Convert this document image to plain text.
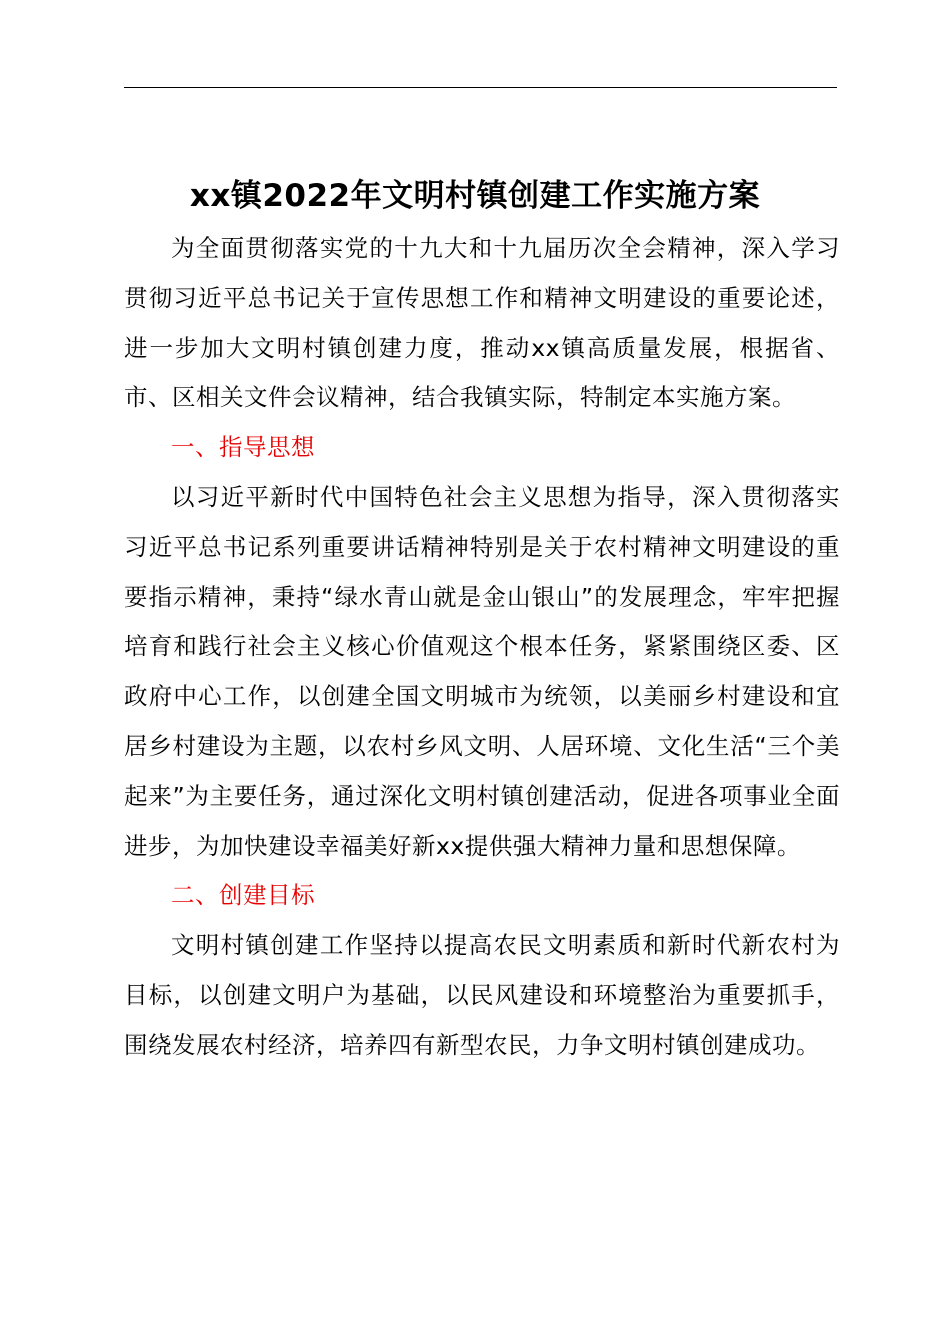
xx镇2022年文明村镇创建工作实施方案

为全面贯彻落实党的十九大和十九届历次全会精神，深入学习贯彻习近平总书记关于宣传思想工作和精神文明建设的重要论述，进一步加大文明村镇创建力度，推动xx镇高质量发展，根据省、市、区相关文件会议精神，结合我镇实际，特制定本实施方案。

一、指导思想

以习近平新时代中国特色社会主义思想为指导，深入贯彻落实习近平总书记系列重要讲话精神特别是关于农村精神文明建设的重要指示精神，秉持“绿水青山就是金山银山”的发展理念，牢牢把握培育和践行社会主义核心价值观这个根本任务，紧紧围绕区委、区政府中心工作，以创建全国文明城市为统领，以美丽乡村建设和宜居乡村建设为主题，以农村乡风文明、人居环境、文化生活“三个美起来”为主要任务，通过深化文明村镇创建活动，促进各项事业全面进步，为加快建设幸福美好新xx提供强大精神力量和思想保障。

二、创建目标

文明村镇创建工作坚持以提高农民文明素质和新时代新农村为目标，以创建文明户为基础，以民风建设和环境整治为重要抓手，围绕发展农村经济，培养四有新型农民，力争文明村镇创建成功。
